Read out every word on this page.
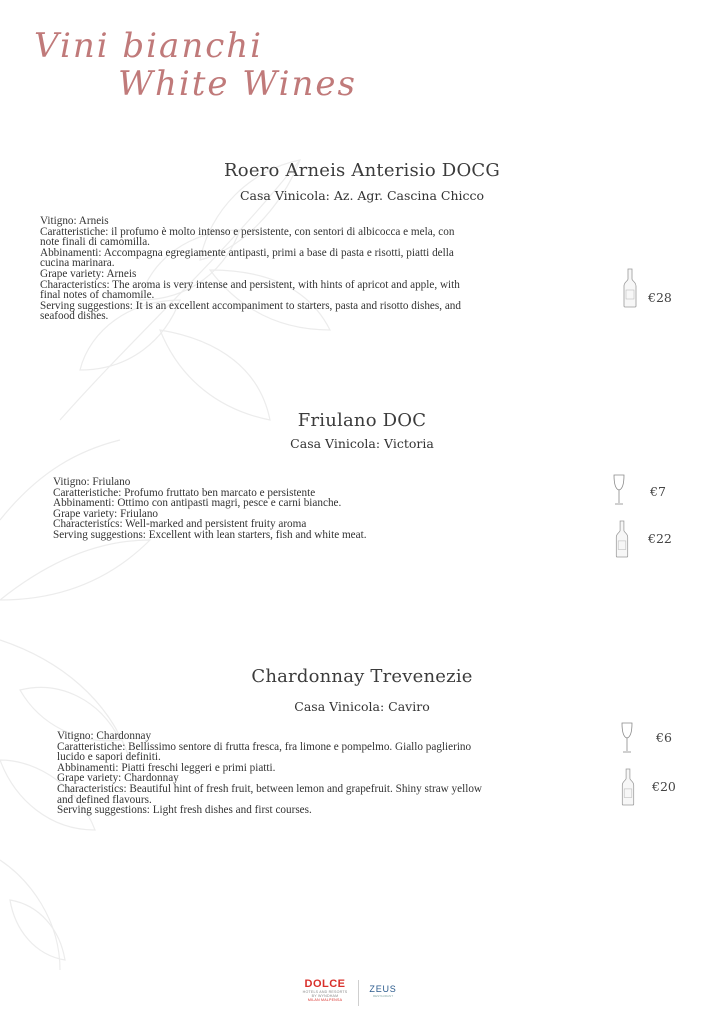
Vini bianchi
White Wines
Roero Arneis Anterisio DOCG
Casa Vinicola: Az. Agr. Cascina Chicco
Vitigno: Arneis
Caratteristiche: il profumo è molto intenso e persistente, con sentori di albicocca e mela, con
note finali di camomilla.
Abbinamenti: Accompagna egregiamente antipasti, primi a base di pasta e risotti, piatti della
cucina marinara.
Grape variety: Arneis
Characteristics: The aroma is very intense and persistent, with hints of apricot and apple, with
final notes of chamomile.
Serving suggestions: It is an excellent accompaniment to starters, pasta and risotto dishes, and
seafood dishes.
€28
Friulano DOC
Casa Vinicola: Victoria
Vitigno: Friulano
Caratteristiche: Profumo fruttato ben marcato e persistente
Abbinamenti: Ottimo con antipasti magri, pesce e carni bianche.
Grape variety: Friulano
Characteristics: Well-marked and persistent fruity aroma
Serving suggestions: Excellent with lean starters, fish and white meat.
€7
€22
Chardonnay Trevenezie
Casa Vinicola: Caviro
Vitigno: Chardonnay
Caratteristiche: Bellissimo sentore di frutta fresca, fra limone e pompelmo. Giallo paglierino
lucido e sapori definiti.
Abbinamenti: Piatti freschi leggeri e primi piatti.
Grape variety: Chardonnay
Characteristics: Beautiful hint of fresh fruit, between lemon and grapefruit. Shiny straw yellow
and defined flavours.
Serving suggestions: Light fresh dishes and first courses.
€6
€20
DOLCE
HOTELS AND RESORTS
BY WYNDHAM
MILAN MALPENSA
ZEUS
RESTAURANT
